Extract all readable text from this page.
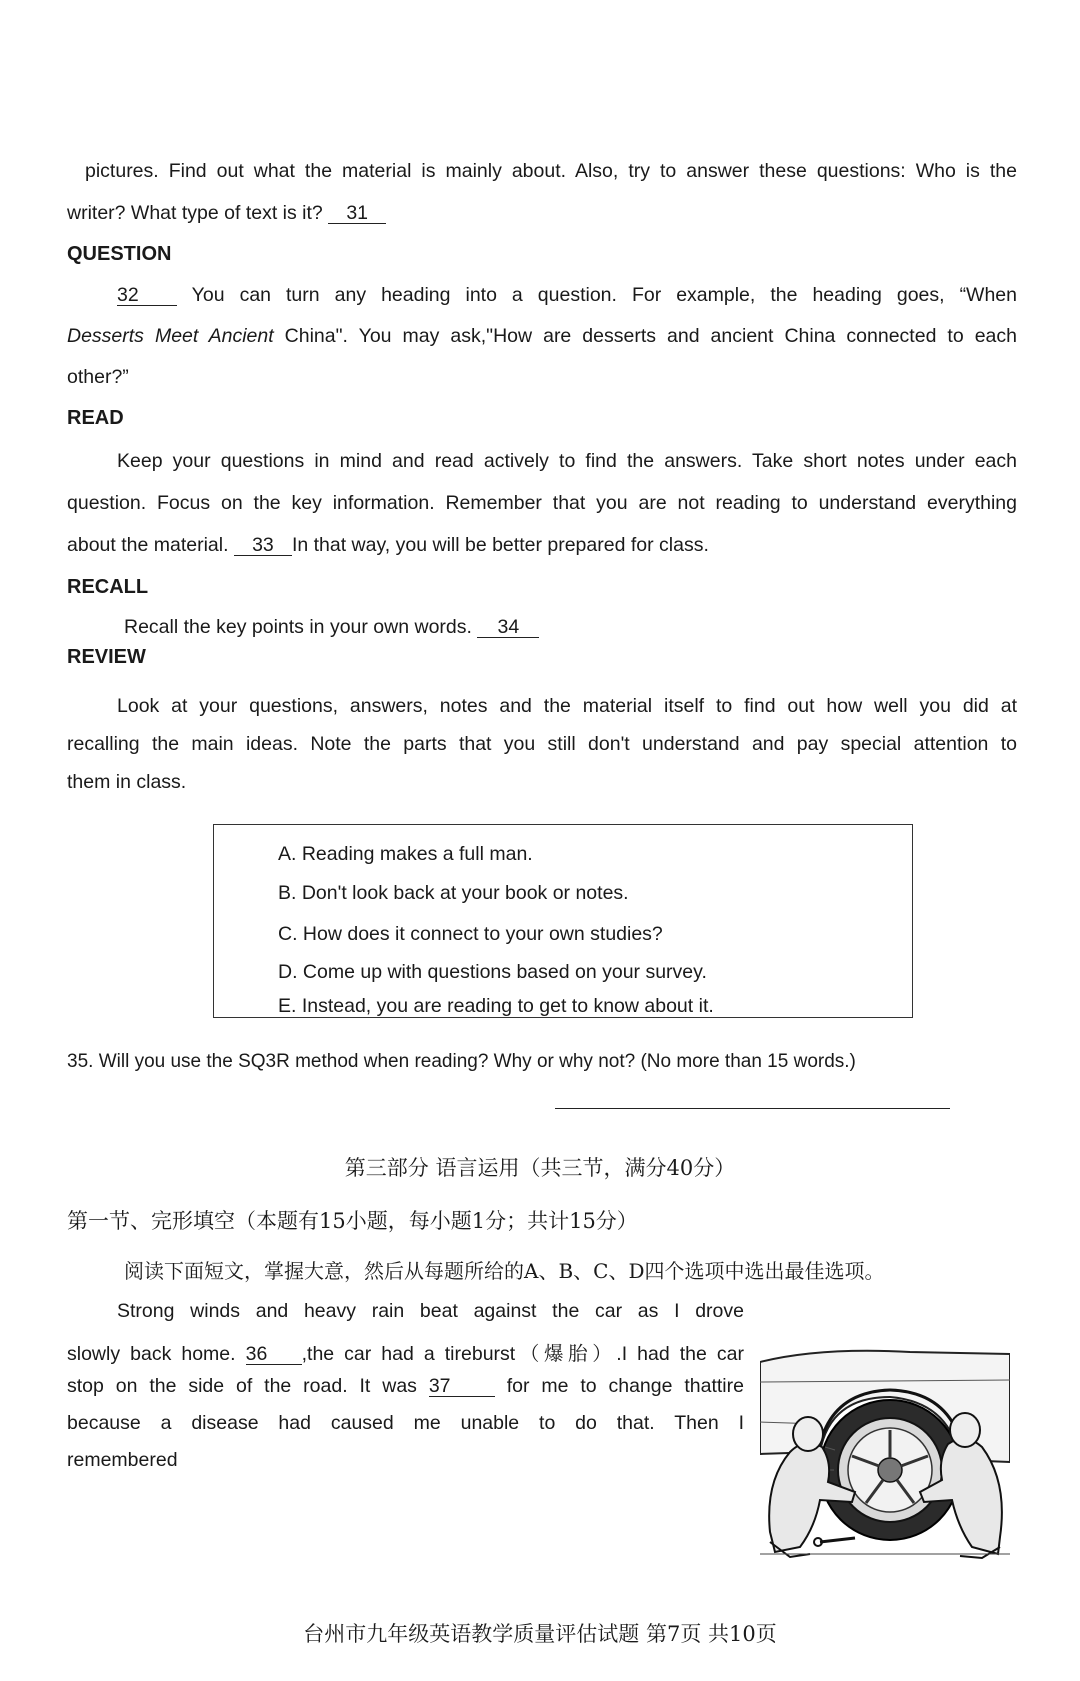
pictures. Find out what the material is mainly about. Also, try to answer these questions: Who is the
writer? What type of text is it? 31
QUESTION
32 You can turn any heading into a question. For example, the heading goes, “When
Desserts Meet Ancient China". You may ask,"How are desserts and ancient China connected to each
other?”
READ
Keep your questions in mind and read actively to find the answers. Take short notes under each
question. Focus on the key information. Remember that you are not reading to understand everything
about the material. 33 In that way, you will be better prepared for class.
RECALL
Recall the key points in your own words. 34
REVIEW
Look at your questions, answers, notes and the material itself to find out how well you did at
recalling the main ideas. Note the parts that you still don't understand and pay special attention to
them in class.
A. Reading makes a full man.
B. Don't look back at your book or notes.
C. How does it connect to your own studies?
D. Come up with questions based on your survey.
E. Instead, you are reading to get to know about it.
35. Will you use the SQ3R method when reading? Why or why not? (No more than 15 words.)
第三部分 语言运用（共三节，满分40分）
第一节、完形填空（本题有15小题，每小题1分；共计15分）
阅读下面短文，掌握大意，然后从每题所给的A、B、C、D四个选项中选出最佳选项。
Strong winds and heavy rain beat against the car as I drove
slowly back home. 36 ,the car had a tireburst（爆胎）.I had the car
stop on the side of the road. It was 37 for me to change thattire
because a disease had caused me unable to do that. Then I
remembered
台州市九年级英语教学质量评估试题 第7页 共10页
